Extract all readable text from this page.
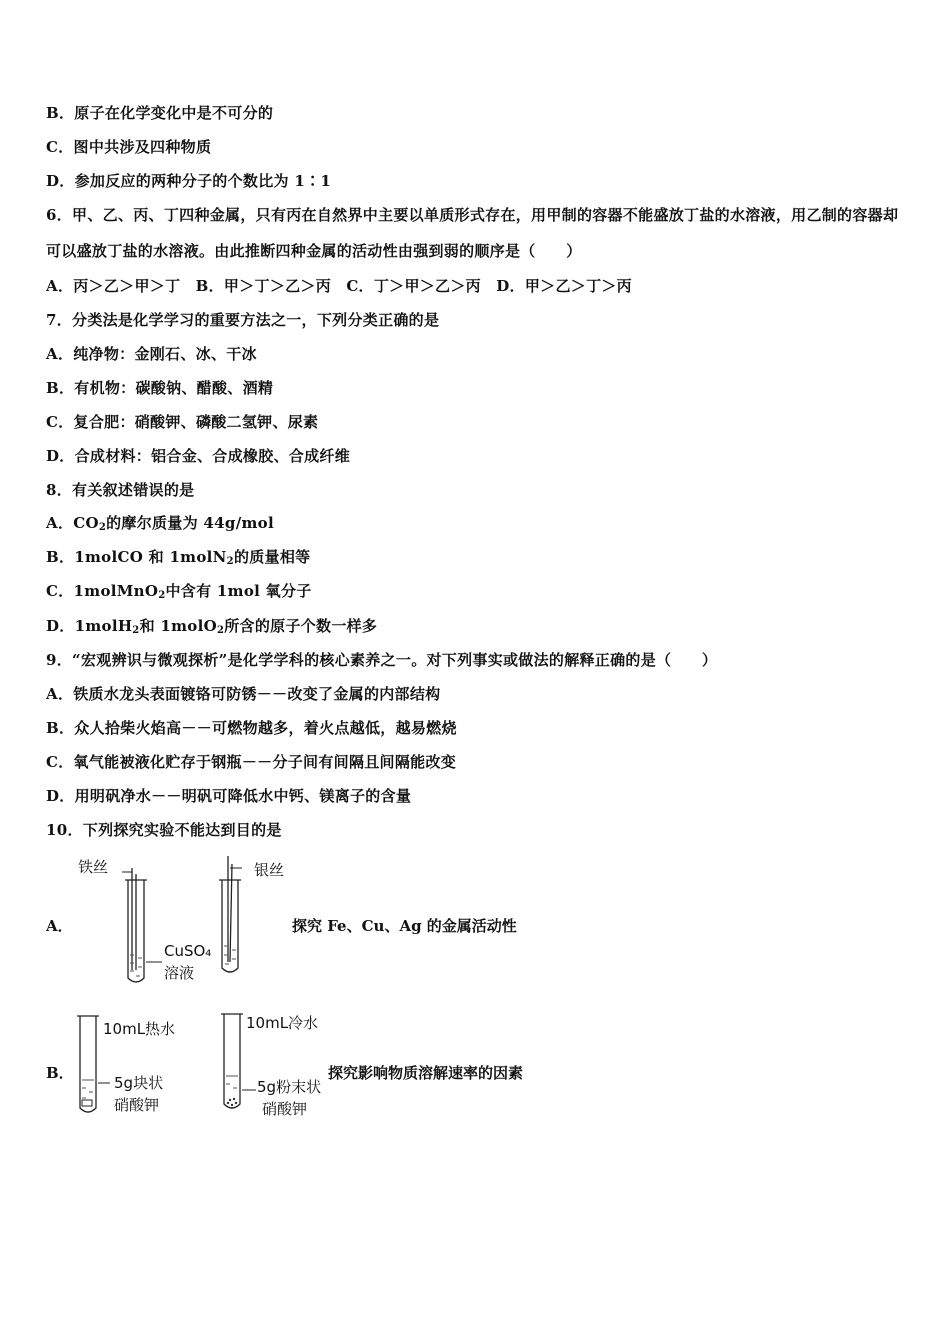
B．原子在化学变化中是不可分的
C．图中共涉及四种物质
D．参加反应的两种分子的个数比为 1∶1
6．甲、乙、丙、丁四种金属，只有丙在自然界中主要以单质形式存在，用甲制的容器不能盛放丁盐的水溶液，用乙制的容器却可以盛放丁盐的水溶液。由此推断四种金属的活动性由强到弱的顺序是（　　）
A．丙＞乙＞甲＞丁　B．甲＞丁＞乙＞丙　C．丁＞甲＞乙＞丙　D．甲＞乙＞丁＞丙
7．分类法是化学学习的重要方法之一，下列分类正确的是
A．纯净物：金刚石、冰、干冰
B．有机物：碳酸钠、醋酸、酒精
C．复合肥：硝酸钾、磷酸二氢钾、尿素
D．合成材料：铝合金、合成橡胶、合成纤维
8．有关叙述错误的是
A．$CO_2$的摩尔质量为 44g/mol
B．1molCO 和 1molN$_2$的质量相等
C．1molMnO$_2$中含有 1mol 氧分子
D．1molH$_2$和 1molO$_2$所含的原子个数一样多
9．“宏观辨识与微观探析”是化学学科的核心素养之一。对下列事实或做法的解释正确的是（　　）
A．铁质水龙头表面镀铬可防锈－－改变了金属的内部结构
B．众人拾柴火焰高－－可燃物越多，着火点越低，越易燃烧
C．氧气能被液化贮存于钢瓶－－分子间有间隔且间隔能改变
D．用明矾净水－－明矾可降低水中钙、镁离子的含量
10．下列探究实验不能达到目的是
A．
铁丝	银丝
CuSO₄
溶液
探究 Fe、Cu、Ag 的金属活动性
B．
10mL热水	10mL冷水
5g块状
硝酸钾
5g粉末状
硝酸钾
探究影响物质溶解速率的因素
